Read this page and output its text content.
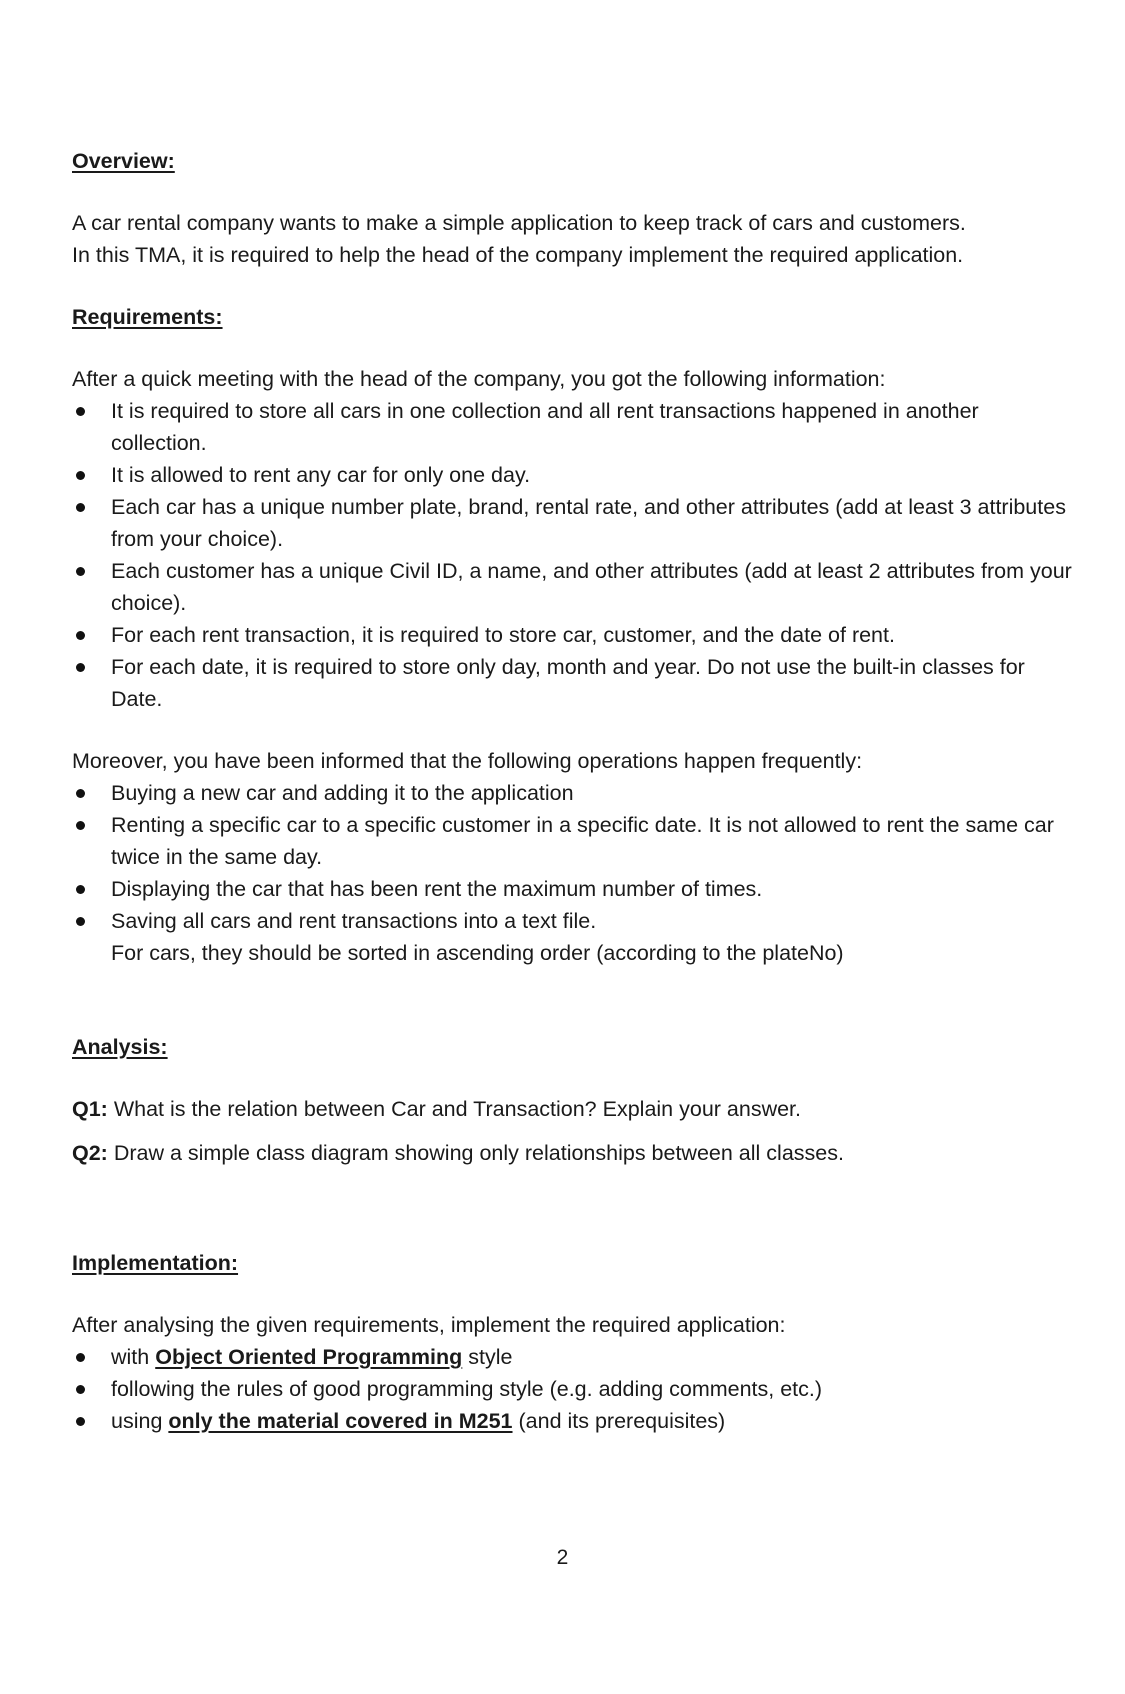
Overview:

A car rental company wants to make a simple application to keep track of cars and customers.
In this TMA, it is required to help the head of the company implement the required application.

Requirements:

After a quick meeting with the head of the company, you got the following information:

It is required to store all cars in one collection and all rent transactions happened in another collection.
It is allowed to rent any car for only one day.
Each car has a unique number plate, brand, rental rate, and other attributes (add at least 3 attributes from your choice).
Each customer has a unique Civil ID, a name, and other attributes (add at least 2 attributes from your choice).
For each rent transaction, it is required to store car, customer, and the date of rent.
For each date, it is required to store only day, month and year. Do not use the built-in classes for Date.

Moreover, you have been informed that the following operations happen frequently:

Buying a new car and adding it to the application
Renting a specific car to a specific customer in a specific date. It is not allowed to rent the same car twice in the same day.
Displaying the car that has been rent the maximum number of times.
Saving all cars and rent transactions into a text file.
For cars, they should be sorted in ascending order (according to the plateNo)

Analysis:

Q1: What is the relation between Car and Transaction? Explain your answer.

Q2: Draw a simple class diagram showing only relationships between all classes.

Implementation:

After analysing the given requirements, implement the required application:

with Object Oriented Programming style
following the rules of good programming style (e.g. adding comments, etc.)
using only the material covered in M251 (and its prerequisites)
2
